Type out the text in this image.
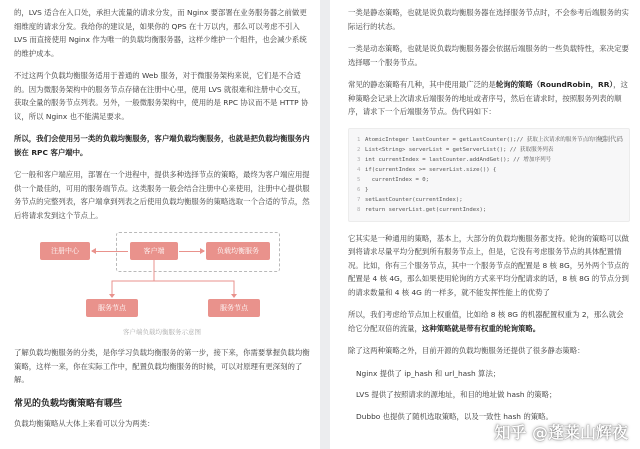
的，LVS 适合在入口处，承担大流量的请求分发，而 Nginx 要部署在业务服务器之前做更细维度的请求分发。我给你的建议是，如果你的 QPS 在十万以内，那么可以考虑不引入 LVS 而直接使用 Nginx 作为唯一的负载均衡服务器，这样少维护一个组件，也会减少系统的维护成本。

不过这两个负载均衡服务适用于普通的 Web 服务，对于微服务架构来说，它们是不合适的。因为微服务架构中的服务节点存储在注册中心里，使用 LVS 就很难和注册中心交互，获取全量的服务节点列表。另外，一般微服务架构中，使用的是 RPC 协议而不是 HTTP 协议，所以 Nginx 也不能满足要求。

所以，我们会使用另一类的负载均衡服务，客户端负载均衡服务，也就是把负载均衡服务内嵌在 RPC 客户端中。

它一般和客户端应用，部署在一个进程中，提供多种选择节点的策略，最终为客户端应用提供一个最佳的，可用的服务端节点。这类服务一般会结合注册中心来使用，注册中心提供服务节点的完整列表，客户端拿到列表之后使用负载均衡服务的策略选取一个合适的节点，然后将请求发到这个节点上。

注册中心	客户端	负载均衡服务
服务节点	服务节点
客户端负载均衡服务示意图

了解负载均衡服务的分类，是你学习负载均衡服务的第一步，接下来，你需要掌握负载均衡策略，这样一来，你在实际工作中，配置负载均衡服务的时候，可以对原理有更深刻的了解。

常见的负载均衡策略有哪些

负载均衡策略从大体上来看可以分为两类：

一类是静态策略，也就是说负载均衡服务器在选择服务节点时，不会参考后端服务的实际运行的状态。

一类是动态策略，也就是说负载均衡服务器会依据后端服务的一些负载特性，来决定要选择哪一个服务节点。

常见的静态策略有几种，其中使用最广泛的是轮询的策略（RoundRobin，RR），这种策略会记录上次请求后端服务的地址或者序号，然后在请求时，按照服务列表的顺序，请求下一个后端服务节点。伪代码如下：

复制代码
1 AtomicInteger lastCounter = getLastCounter();// 获取上次请求的服务节点的序号
2 List<String> serverList = getServerList(); // 获取服务列表
3 int currentIndex = lastCounter.addAndGet(); // 增加序列号
4 if(currentIndex >= serverList.size()) {
5  currentIndex = 0;
6 }
7 setLastCounter(currentIndex);
8 return serverList.get(currentIndex);

它其实是一种通用的策略，基本上，大部分的负载均衡服务都支持。轮询的策略可以做到将请求尽量平均分配到所有服务节点上，但是，它没有考虑服务节点的具体配置情况。比如，你有三个服务节点，其中一个服务节点的配置是 8 核 8G，另外两个节点的配置是 4 核 4G，那么如果使用轮询的方式来平均分配请求的话，8 核 8G 的节点分到的请求数量和 4 核 4G 的一样多，就不能发挥性能上的优势了

所以，我们考虑给节点加上权重值，比如给 8 核 8G 的机器配置权重为 2，那么就会给它分配双倍的流量，这种策略就是带有权重的轮询策略。

除了这两种策略之外，目前开源的负载均衡服务还提供了很多静态策略：

Nginx 提供了 ip_hash 和 url_hash 算法；

LVS 提供了按照请求的源地址，和目的地址做 hash 的策略；

Dubbo 也提供了随机选取策略，以及一致性 hash 的策略。

知乎 @蓬莱山辉夜
